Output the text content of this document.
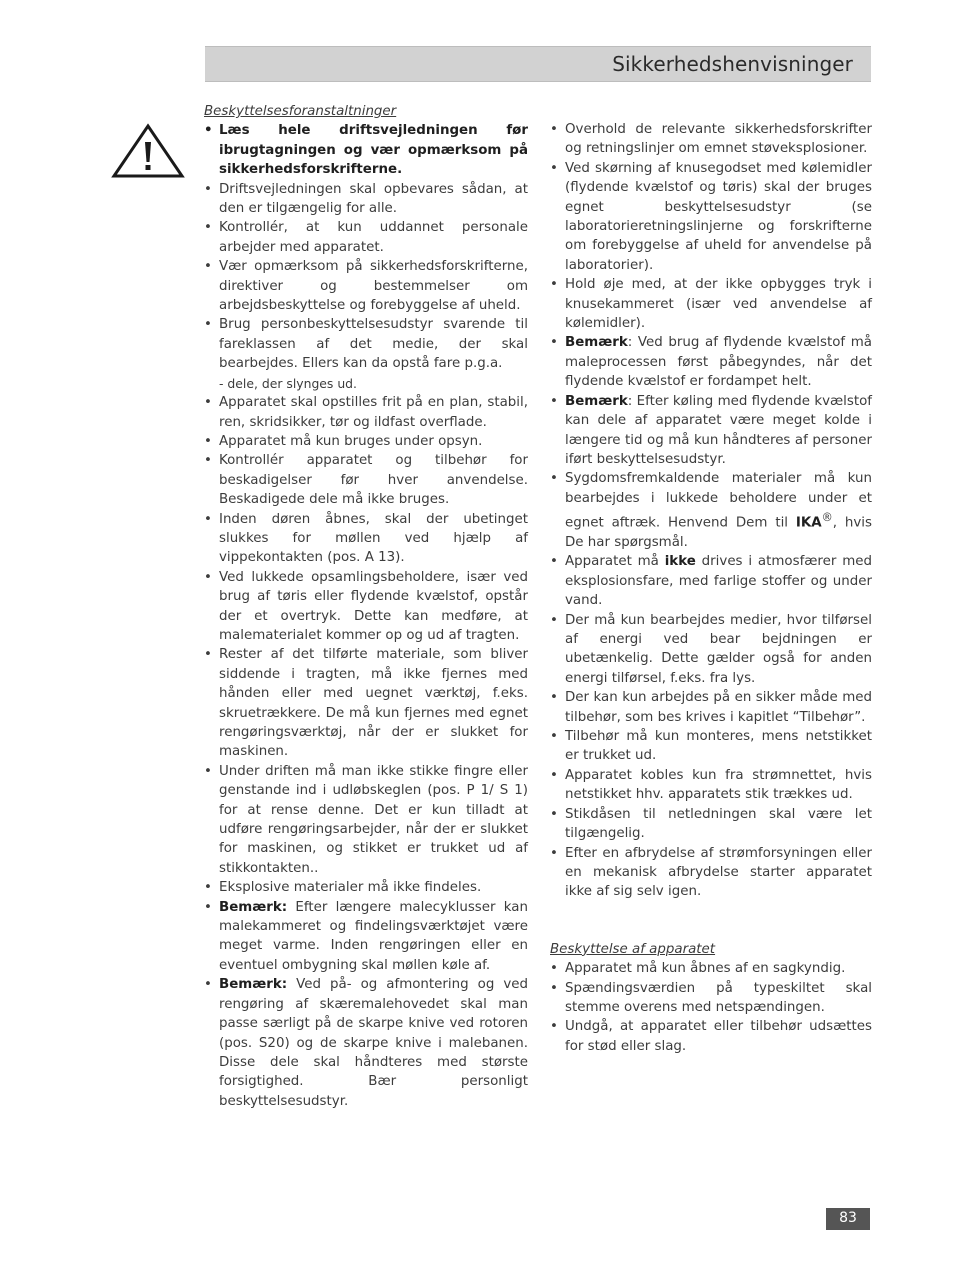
Sikkerhedshenvisninger
Beskyttelsesforanstaltninger
• Læs hele driftsvejledningen før ibrugtagningen og vær opmærksom på sikkerhedsforskrifterne.
• Driftsvejledningen skal opbevares sådan, at den er tilgængelig for alle.
• Kontrollér, at kun uddannet personale arbejder med apparatet.
• Vær opmærksom på sikkerhedsforskrifterne, direktiver og bestemmelser om arbejdsbeskyttelse og forebyggelse af uheld.
• Brug personbeskyttelsesudstyr svarende til fareklassen af det medie, der skal bearbejdes. Ellers kan da opstå fare p.g.a.
- dele, der slynges ud.
• Apparatet skal opstilles frit på en plan, stabil, ren, skridsikker, tør og ildfast overflade.
• Apparatet må kun bruges under opsyn.
• Kontrollér apparatet og tilbehør for beskadigelser før hver anvendelse. Beskadigede dele må ikke bruges.
• Inden døren åbnes, skal der ubetinget slukkes for møllen ved hjælp af vippekontakten (pos. A 13).
• Ved lukkede opsamlingsbeholdere, især ved brug af tøris eller flydende kvælstof, opstår der et overtryk. Dette kan medføre, at malematerialet kommer op og ud af tragten.
• Rester af det tilførte materiale, som bliver siddende i tragten, må ikke fjernes med hånden eller med uegnet værktøj, f.eks. skruetrækkere. De må kun fjernes med egnet rengøringsværktøj, når der er slukket for maskinen.
• Under driften må man ikke stikke fingre eller genstande ind i udløbskeglen (pos. P 1/ S 1) for at rense denne. Det er kun tilladt at udføre rengøringsarbejder, når der er slukket for maskinen, og stikket er trukket ud af stikkontakten..
• Eksplosive materialer må ikke findeles.
• Bemærk: Efter længere malecyklusser kan malekammeret og findelingsværktøjet være meget varme. Inden rengøringen eller en eventuel ombygning skal møllen køle af.
• Bemærk: Ved på- og afmontering og ved rengøring af skæremalehovedet skal man passe særligt på de skarpe knive ved rotoren (pos. S20) og de skarpe knive i malebanen. Disse dele skal håndteres med største forsigtighed. Bær personligt beskyttelsesudstyr.
• Overhold de relevante sikkerhedsforskrifter og retningslinjer om emnet støveksplosioner.
• Ved skørning af knusegodset med kølemidler (flydende kvælstof og tøris) skal der bruges egnet beskyttelsesudstyr (se laboratorieretningslinjerne og forskrifterne om forebyggelse af uheld for anvendelse på laboratorier).
• Hold øje med, at der ikke opbygges tryk i knusekammeret (især ved anvendelse af kølemidler).
• Bemærk: Ved brug af flydende kvælstof må maleprocessen først påbegyndes, når det flydende kvælstof er fordampet helt.
• Bemærk: Efter køling med flydende kvælstof kan dele af apparatet være meget kolde i længere tid og må kun håndteres af personer iført beskyttelsesudstyr.
• Sygdomsfremkaldende materialer må kun bearbejdes i lukkede beholdere under et egnet aftræk. Henvend Dem til IKA®, hvis De har spørgsmål.
• Apparatet må ikke drives i atmosfærer med eksplosionsfare, med farlige stoffer og under vand.
• Der må kun bearbejdes medier, hvor tilførsel af energi ved bear bejdningen er ubetænkelig. Dette gælder også for anden energi tilførsel, f.eks. fra lys.
• Der kan kun arbejdes på en sikker måde med tilbehør, som bes krives i kapitlet “Tilbehør”.
• Tilbehør må kun monteres, mens netstikket er trukket ud.
• Apparatet kobles kun fra strømnettet, hvis netstikket hhv. apparatets stik trækkes ud.
• Stikdåsen til netledningen skal være let tilgængelig.
• Efter en afbrydelse af strømforsyningen eller en mekanisk afbrydelse starter apparatet ikke af sig selv igen.
Beskyttelse af apparatet
• Apparatet må kun åbnes af en sagkyndig.
• Spændingsværdien på typeskiltet skal stemme overens med netspændingen.
• Undgå, at apparatet eller tilbehør udsættes for stød eller slag.
83
